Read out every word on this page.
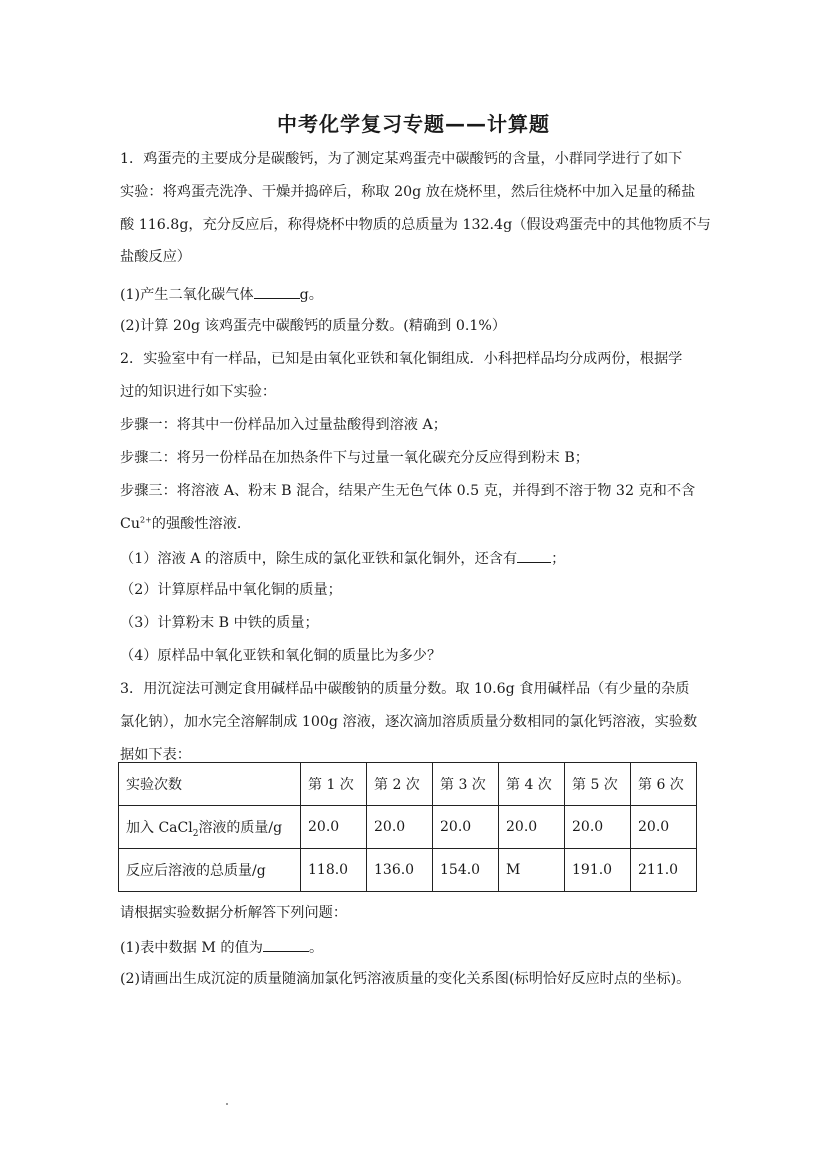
中考化学复习专题——计算题
1．鸡蛋壳的主要成分是碳酸钙，为了测定某鸡蛋壳中碳酸钙的含量，小群同学进行了如下
实验：将鸡蛋壳洗净、干燥并捣碎后，称取 20g 放在烧杯里，然后往烧杯中加入足量的稀盐
酸 116.8g，充分反应后，称得烧杯中物质的总质量为 132.4g（假设鸡蛋壳中的其他物质不与
盐酸反应）
(1)产生二氧化碳气体	g。
(2)计算 20g 该鸡蛋壳中碳酸钙的质量分数。(精确到 0.1%）
2．实验室中有一样品，已知是由氧化亚铁和氧化铜组成．小科把样品均分成两份，根据学
过的知识进行如下实验：
步骤一：将其中一份样品加入过量盐酸得到溶液 A；
步骤二：将另一份样品在加热条件下与过量一氧化碳充分反应得到粉末 B；
步骤三：将溶液 A、粉末 B 混合，结果产生无色气体 0.5 克，并得到不溶于物 32 克和不含
$Cu^{2+}$的强酸性溶液．
（1）溶液 A 的溶质中，除生成的氯化亚铁和氯化铜外，还含有 ；
（2）计算原样品中氧化铜的质量；
（3）计算粉末 B 中铁的质量；
（4）原样品中氧化亚铁和氧化铜的质量比为多少？
3．用沉淀法可测定食用碱样品中碳酸钠的质量分数。取 10.6g 食用碱样品（有少量的杂质
氯化钠），加水完全溶解制成 100g 溶液，逐次滴加溶质质量分数相同的氯化钙溶液，实验数
据如下表：
实验次数	第 1 次	第 2 次	第 3 次	第 4 次	第 5 次	第 6 次
加入 CaCl$_2$溶液的质量/g	20.0	20.0	20.0	20.0	20.0	20.0
反应后溶液的总质量/g	118.0	136.0	154.0	M	191.0	211.0
请根据实验数据分析解答下列问题：
(1)表中数据 M 的值为	。
(2)请画出生成沉淀的质量随滴加氯化钙溶液质量的变化关系图(标明恰好反应时点的坐标)。
